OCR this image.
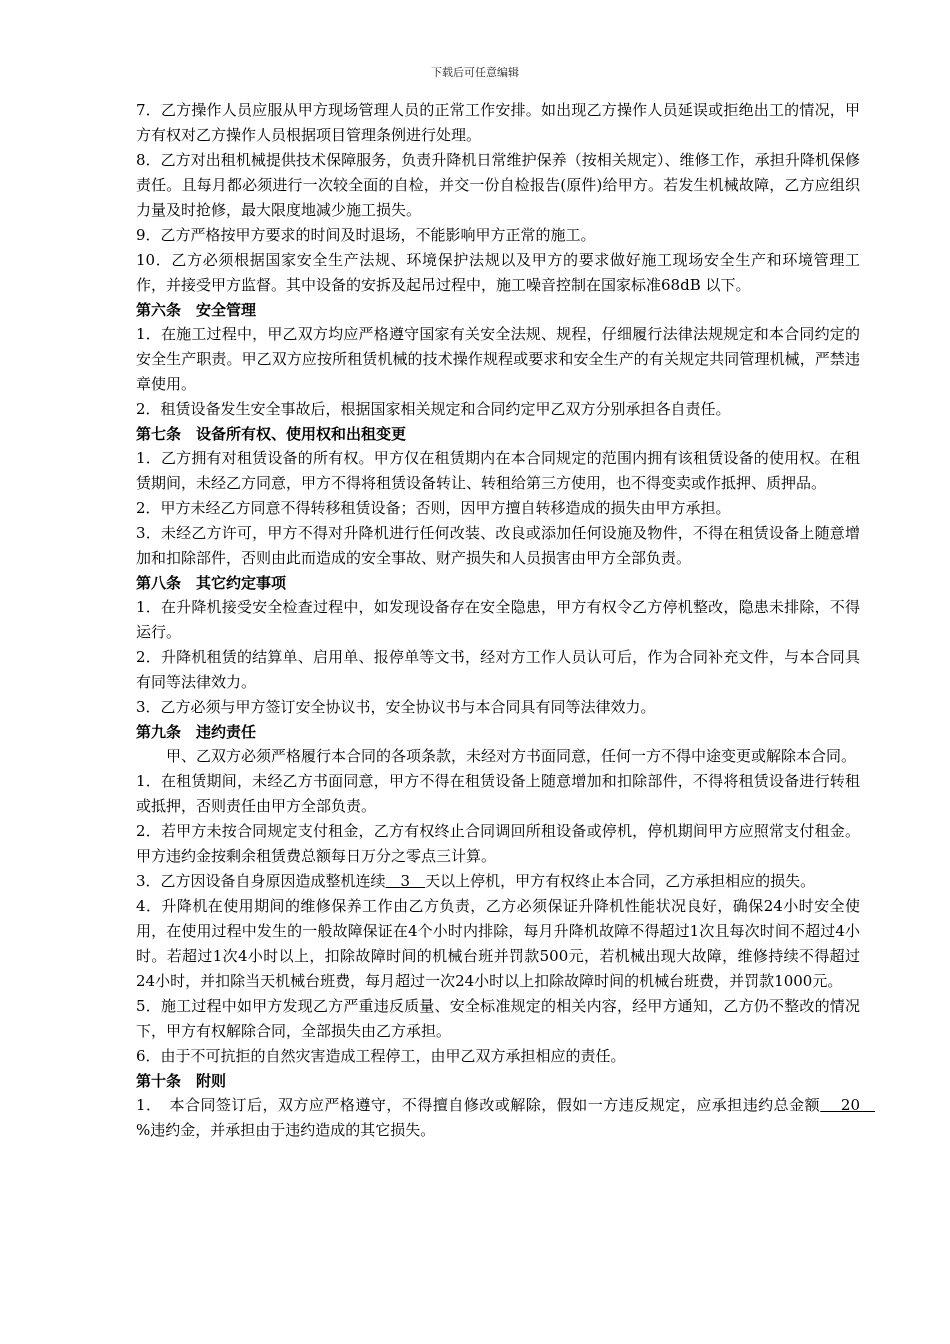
下载后可任意编辑

7．乙方操作人员应服从甲方现场管理人员的正常工作安排。如出现乙方操作人员延误或拒绝出工的情况，甲方有权对乙方操作人员根据项目管理条例进行处理。

8．乙方对出租机械提供技术保障服务，负责升降机日常维护保养（按相关规定）、维修工作，承担升降机保修责任。且每月都必须进行一次较全面的自检，并交一份自检报告(原件)给甲方。若发生机械故障，乙方应组织力量及时抢修，最大限度地减少施工损失。

9．乙方严格按甲方要求的时间及时退场，不能影响甲方正常的施工。

10．乙方必须根据国家安全生产法规、环境保护法规以及甲方的要求做好施工现场安全生产和环境管理工作，并接受甲方监督。其中设备的安拆及起吊过程中，施工噪音控制在国家标准68dB 以下。

第六条　安全管理

1．在施工过程中，甲乙双方均应严格遵守国家有关安全法规、规程，仔细履行法律法规规定和本合同约定的安全生产职责。甲乙双方应按所租赁机械的技术操作规程或要求和安全生产的有关规定共同管理机械，严禁违章使用。

2．租赁设备发生安全事故后，根据国家相关规定和合同约定甲乙双方分别承担各自责任。

第七条　设备所有权、使用权和出租变更

1．乙方拥有对租赁设备的所有权。甲方仅在租赁期内在本合同规定的范围内拥有该租赁设备的使用权。在租赁期间，未经乙方同意，甲方不得将租赁设备转让、转租给第三方使用，也不得变卖或作抵押、质押品。

2．甲方未经乙方同意不得转移租赁设备；否则，因甲方擅自转移造成的损失由甲方承担。

3．未经乙方许可，甲方不得对升降机进行任何改装、改良或添加任何设施及物件，不得在租赁设备上随意增加和扣除部件，否则由此而造成的安全事故、财产损失和人员损害由甲方全部负责。

第八条　其它约定事项

1．在升降机接受安全检查过程中，如发现设备存在安全隐患，甲方有权令乙方停机整改，隐患未排除，不得运行。

2．升降机租赁的结算单、启用单、报停单等文书，经对方工作人员认可后，作为合同补充文件，与本合同具有同等法律效力。

3．乙方必须与甲方签订安全协议书，安全协议书与本合同具有同等法律效力。

第九条　违约责任

甲、乙双方必须严格履行本合同的各项条款，未经对方书面同意，任何一方不得中途变更或解除本合同。

1．在租赁期间，未经乙方书面同意，甲方不得在租赁设备上随意增加和扣除部件，不得将租赁设备进行转租或抵押，否则责任由甲方全部负责。

2．若甲方未按合同规定支付租金，乙方有权终止合同调回所租设备或停机，停机期间甲方应照常支付租金。甲方违约金按剩余租赁费总额每日万分之零点三计算。

3．乙方因设备自身原因造成整机连续　3　天以上停机，甲方有权终止本合同，乙方承担相应的损失。

4．升降机在使用期间的维修保养工作由乙方负责，乙方必须保证升降机性能状况良好，确保24小时安全使用，在使用过程中发生的一般故障保证在4个小时内排除，每月升降机故障不得超过1次且每次时间不超过4小时。若超过1次4小时以上，扣除故障时间的机械台班并罚款500元，若机械出现大故障，维修持续不得超过24小时，并扣除当天机械台班费，每月超过一次24小时以上扣除故障时间的机械台班费，并罚款1000元。

5．施工过程中如甲方发现乙方严重违反质量、安全标准规定的相关内容，经甲方通知，乙方仍不整改的情况下，甲方有权解除合同，全部损失由乙方承担。

6．由于不可抗拒的自然灾害造成工程停工，由甲乙双方承担相应的责任。

第十条　附则

1．　本合同签订后，双方应严格遵守，不得擅自修改或解除，假如一方违反规定，应承担违约总金额　 20　%违约金，并承担由于违约造成的其它损失。
